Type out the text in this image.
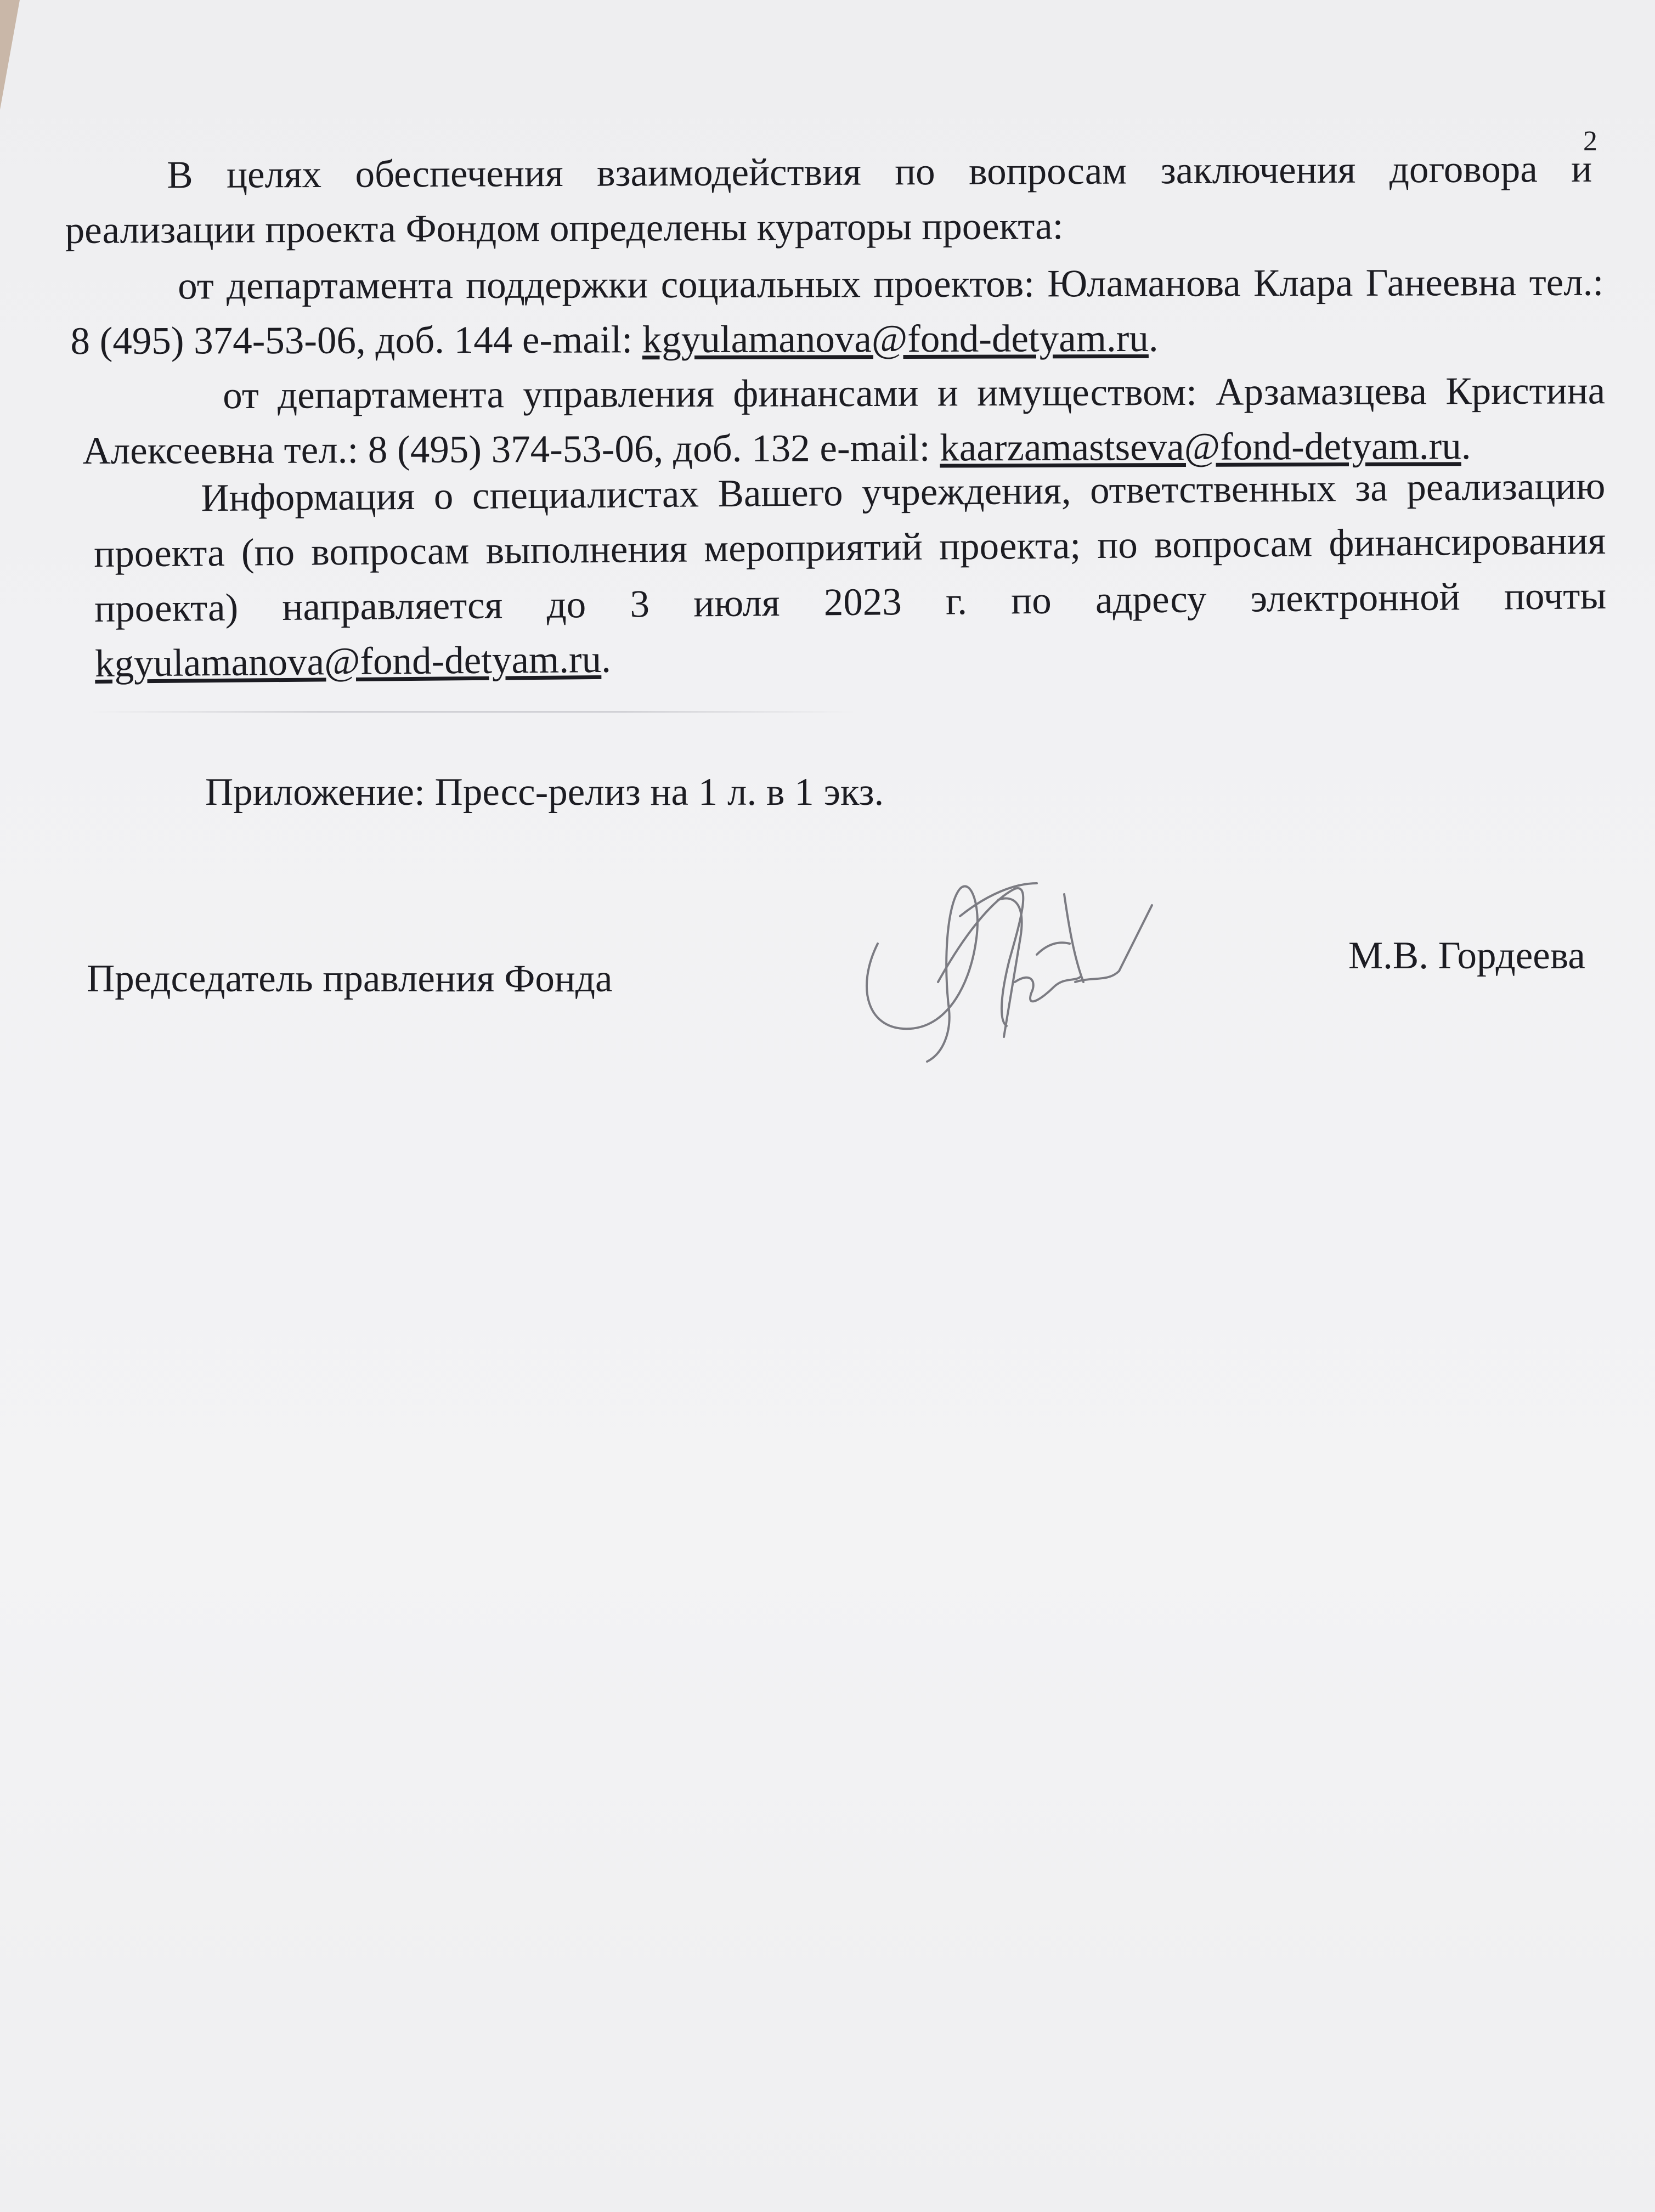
2

В целях обеспечения взаимодействия по вопросам заключения договора и реализации проекта Фондом определены кураторы проекта:

от департамента поддержки социальных проектов: Юламанова Клара Ганеевна тел.: 8 (495) 374-53-06, доб. 144 e-mail: kgyulamanova@fond-detyam.ru.

от департамента управления финансами и имуществом: Арзамазцева Кристина Алексеевна тел.: 8 (495) 374-53-06, доб. 132 e-mail: kaarzamastseva@fond-detyam.ru.

Информация о специалистах Вашего учреждения, ответственных за реализацию проекта (по вопросам выполнения мероприятий проекта; по вопросам финансирования проекта) направляется до 3 июля 2023 г. по адресу электронной почты kgyulamanova@fond-detyam.ru.

Приложение: Пресс-релиз на 1 л. в 1 экз.
Председатель правления Фонда
М.В. Гордеева
